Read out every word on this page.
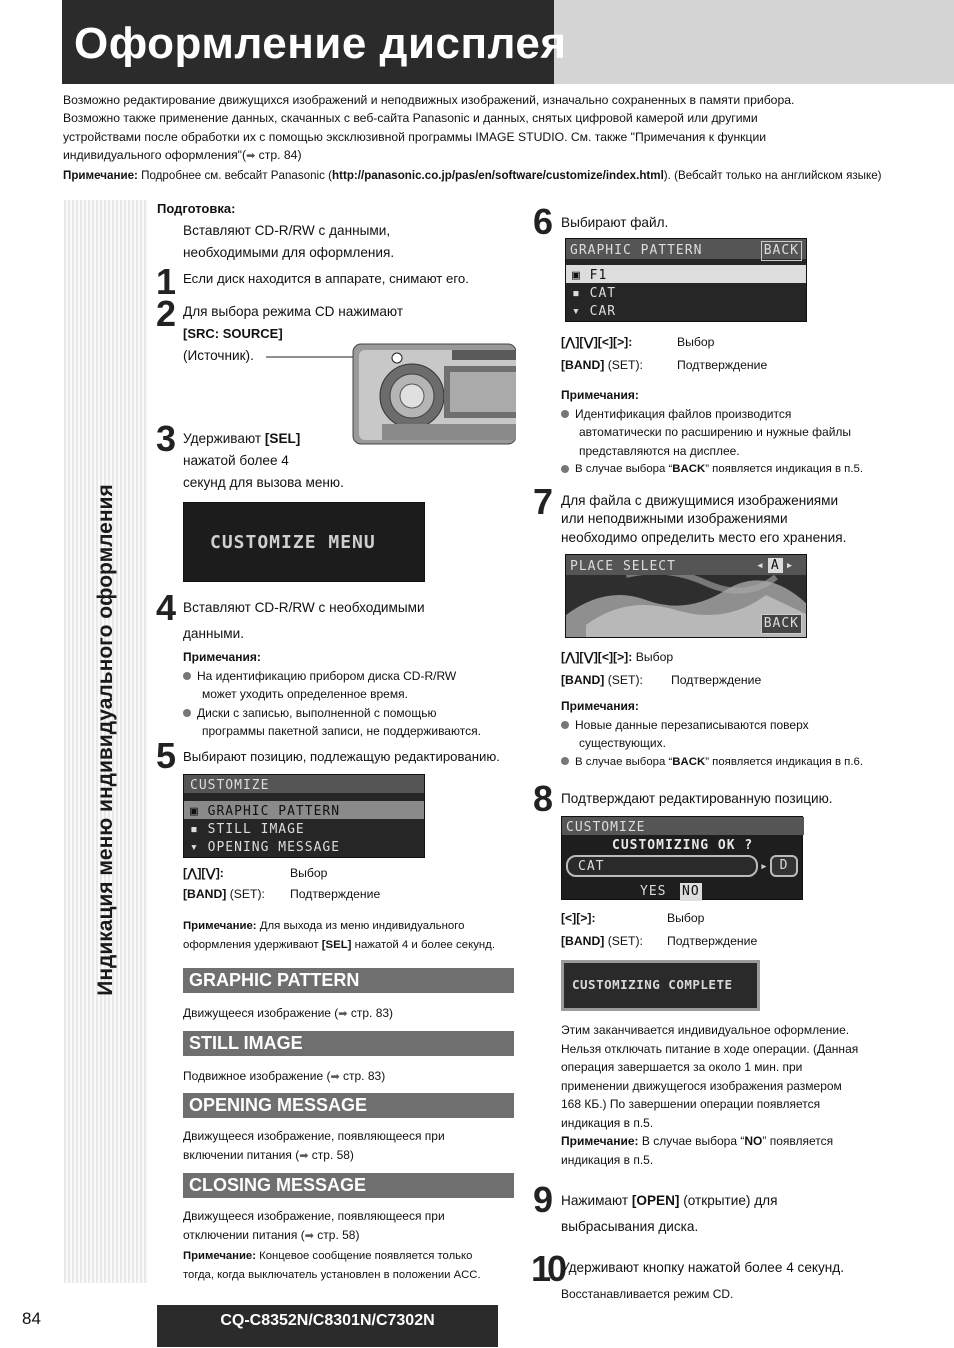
Оформление дисплея
Возможно редактирование движущихся изображений и неподвижных изображений, изначально сохраненных в памяти прибора.
Возможно также применение данных, скачанных с веб-сайта Panasonic и данных, снятых цифровой камерой или другими
устройствами после обработки их с помощью эксклюзивной программы IMAGE STUDIO. См. также "Примечания к функции
индивидуального оформления"(➡ стр. 84)
Примечание: Подробнее см. вебсайт Panasonic (http://panasonic.co.jp/pas/en/software/customize/index.html). (Вебсайт только на английском языке)
Индикация меню индивидуального оформления
Подготовка:
Вставляют CD-R/RW с данными,
необходимыми для оформления.
1 Если диск находится в аппарате, снимают его.
2 Для выбора режима CD нажимают
[SRC: SOURCE]
(Источник).
3 Удерживают [SEL]
нажатой более 4
секунд для вызова меню.
CUSTOMIZE MENU
4 Вставляют CD-R/RW с необходимыми
данными.
Примечания:
На идентификацию прибором диска CD-R/RW
может уходить определенное время.
Диски с записью, выполненной с помощью
программы пакетной записи, не поддерживаются.
5 Выбирают позицию, подлежащую редактированию.
CUSTOMIZE
▣ GRAPHIC PATTERN
▪ STILL IMAGE
▾ OPENING MESSAGE
[⋀][⋁]:	Выбор
[BAND] (SET): Подтверждение
Примечание: Для выхода из меню индивидуального
оформления удерживают [SEL] нажатой 4 и более секунд.
GRAPHIC PATTERN
Движущееся изображение (➡ стр. 83)
STILL IMAGE
Подвижное изображение (➡ стр. 83)
OPENING MESSAGE
Движущееся изображение, появляющееся при
включении питания (➡ стр. 58)
CLOSING MESSAGE
Движущееся изображение, появляющееся при
отключении питания (➡ стр. 58)
Примечание: Концевое сообщение появляется только
тогда, когда выключатель установлен в положении ACC.
6 Выбирают файл.
GRAPHIC PATTERN	BACK
▣ F1
▪ CAT
▾ CAR
[⋀][⋁][<][>]:	Выбор
[BAND] (SET):	Подтверждение
Примечания:
Идентификация файлов производится
автоматически по расширению и нужные файлы
представляются на дисплее.
В случае выбора “BACK” появляется индикация в п.5.
7 Для файла с движущимися изображениями
или неподвижными изображениями
необходимо определить место его хранения.
PLACE SELECT	◂ A ▸
BACK
[⋀][⋁][<][>]: Выбор
[BAND] (SET): Подтверждение
Примечания:
Новые данные перезаписываются поверх
существующих.
В случае выбора “BACK” появляется индикация в п.6.
8 Подтверждают редактированную позицию.
CUSTOMIZE
CUSTOMIZING OK ?
CAT	▸ D
YES NO
[<][>]:	Выбор
[BAND] (SET): Подтверждение
CUSTOMIZING COMPLETE
Этим заканчивается индивидуальное оформление.
Нельзя отключать питание в ходе операции. (Данная
операция завершается за около 1 мин. при
применении движущегося изображения размером
168 КБ.) По завершении операции появляется
индикация в п.5.
Примечание: В случае выбора “NO” появляется
индикация в п.5.
9 Нажимают [OPEN] (открытие) для
выбрасывания диска.
10
Удерживают кнопку нажатой более 4 секунд.
Восстанавливается режим CD.
84	CQ-C8352N/C8301N/C7302N
